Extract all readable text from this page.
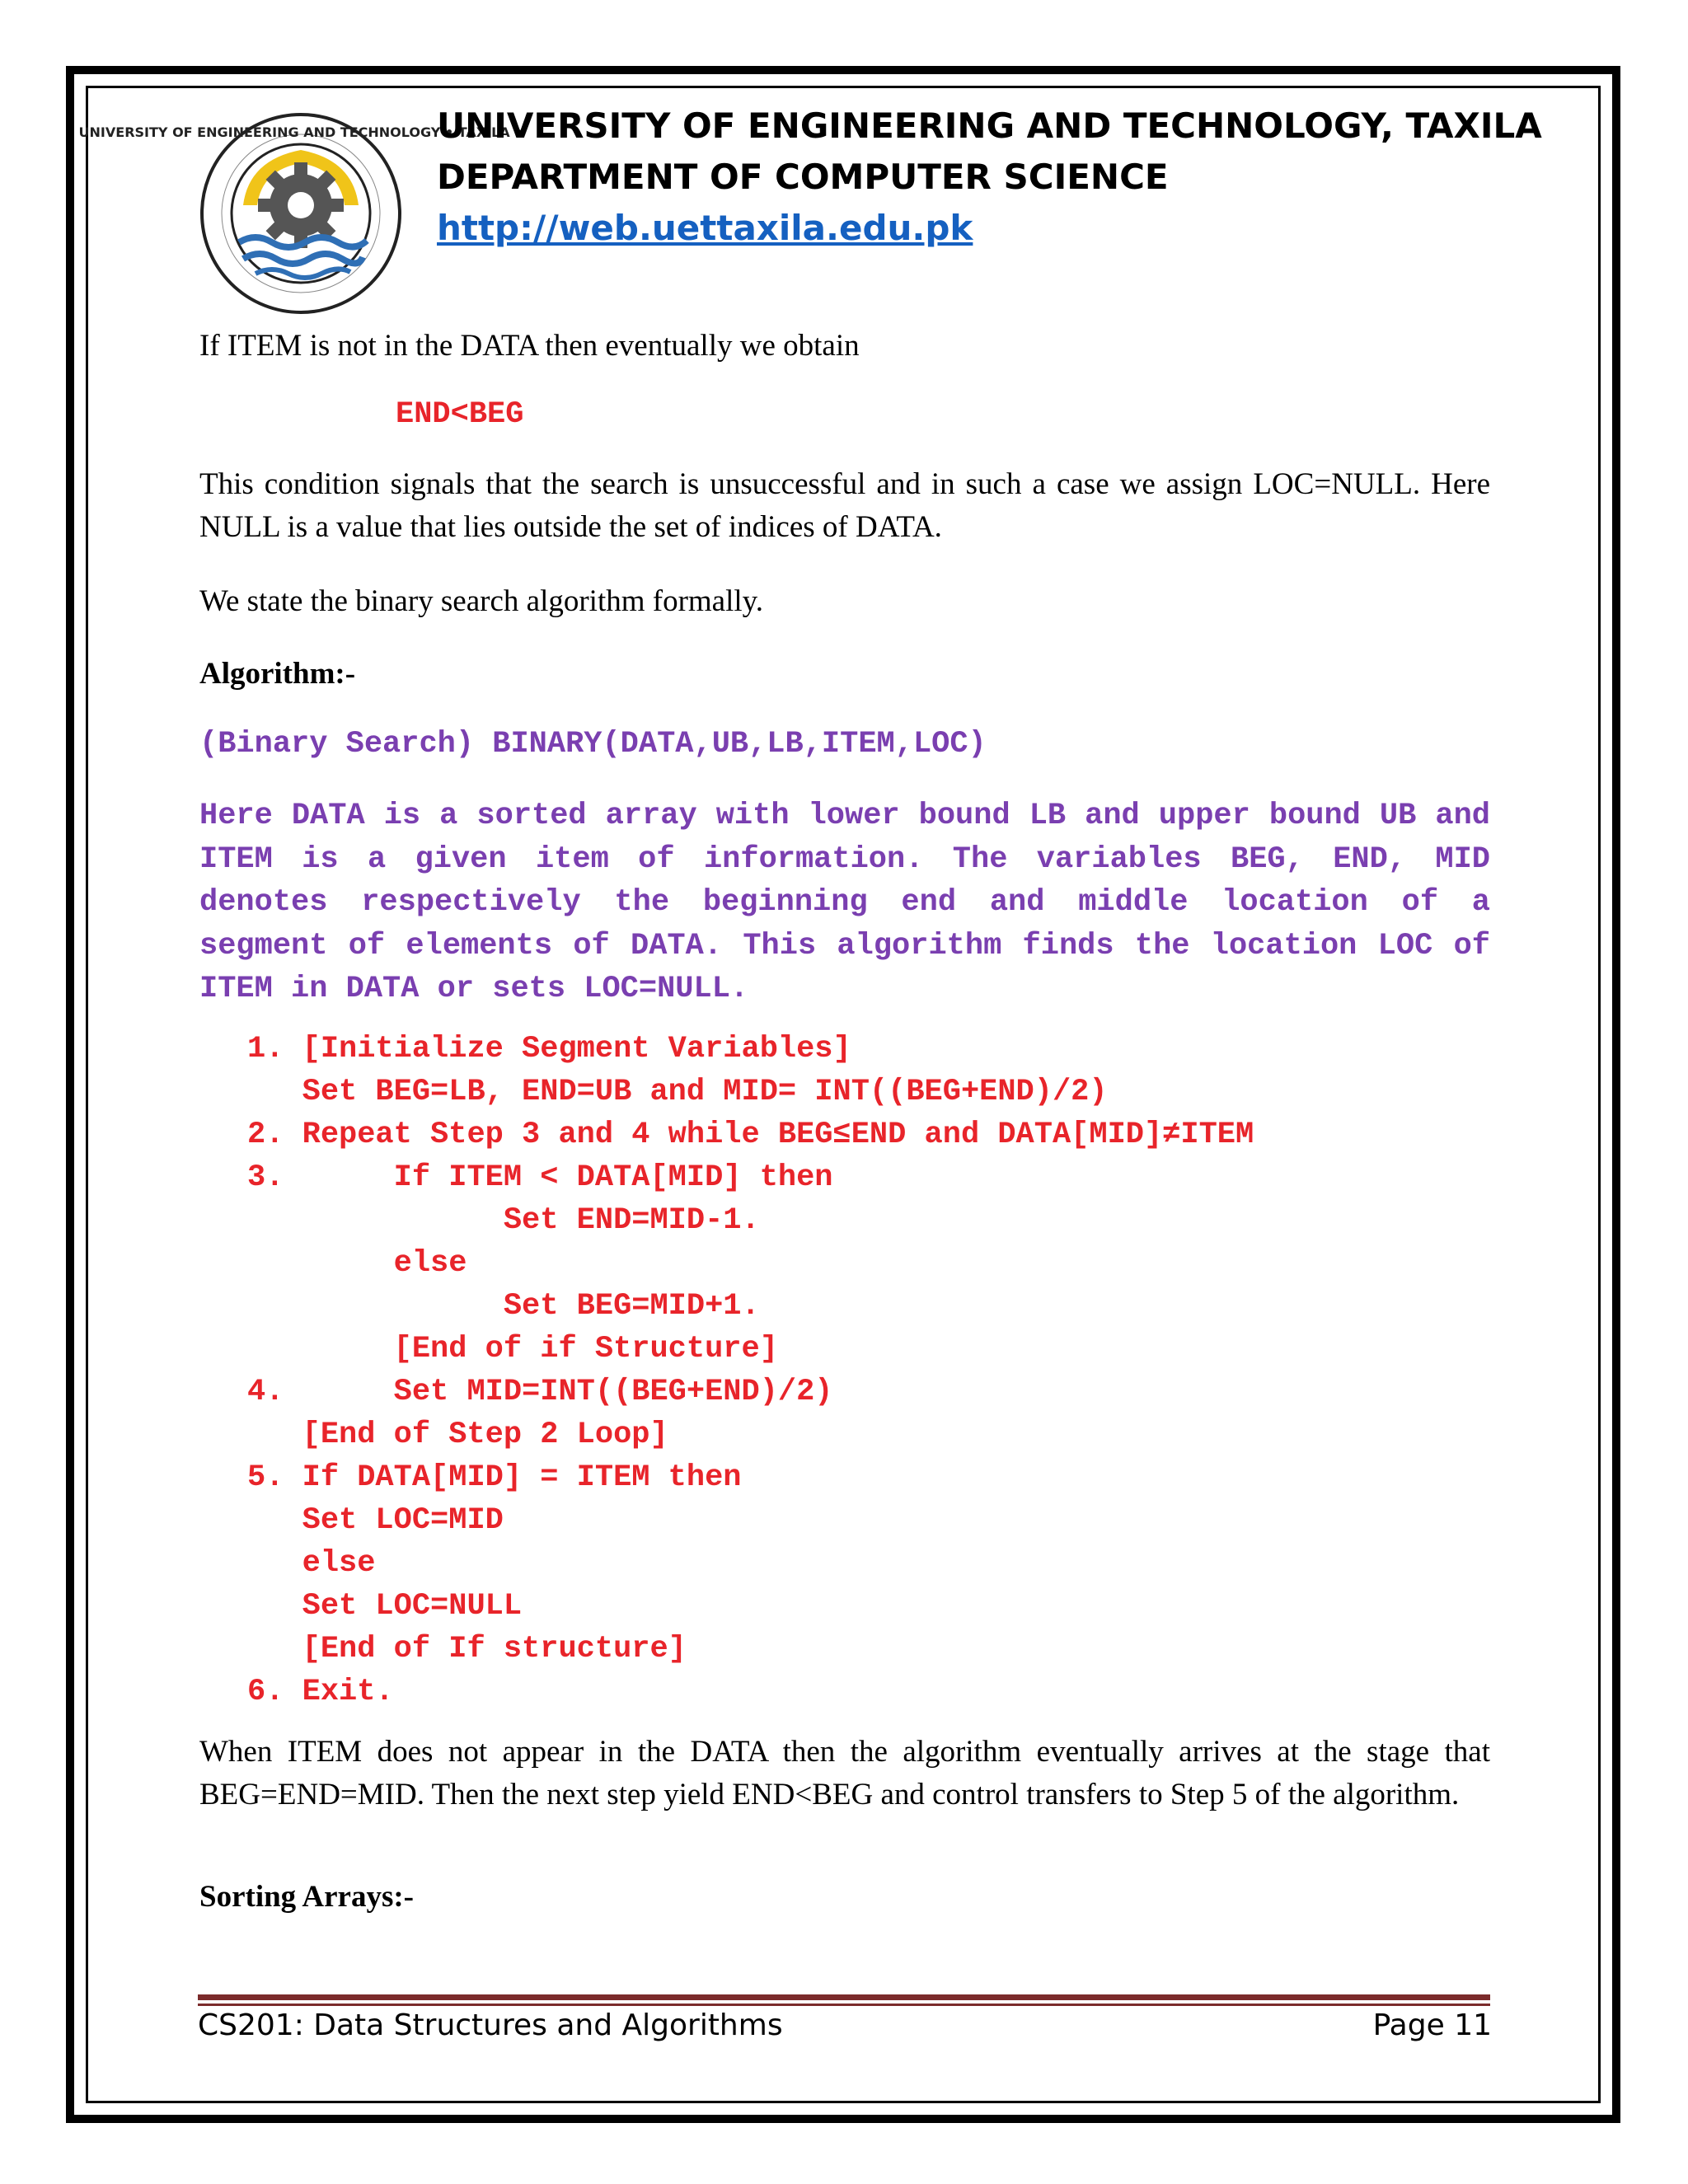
UNIVERSITY OF ENGINEERING AND TECHNOLOGY • TAXILA •
UNIVERSITY OF ENGINEERING AND TECHNOLOGY, TAXILA
DEPARTMENT OF COMPUTER SCIENCE
http://web.uettaxila.edu.pk
If ITEM is not in the DATA then eventually we obtain
END<BEG

This condition signals that the search is unsuccessful and in such a case we assign LOC=NULL. Here NULL is a value that lies outside the set of indices of DATA.

We state the binary search algorithm formally.
Algorithm:-
(Binary Search) BINARY(DATA,UB,LB,ITEM,LOC)

Here DATA is a sorted array with lower bound LB and upper bound UB and ITEM is a given item of information. The variables BEG, END, MID denotes respectively the beginning end and middle location of a segment of elements of DATA. This algorithm finds the location LOC of ITEM in DATA or sets LOC=NULL.

1. [Initialize Segment Variables]
Set BEG=LB, END=UB and MID= INT((BEG+END)/2)
2. Repeat Step 3 and 4 while BEG≤END and DATA[MID]≠ITEM
3.      If ITEM < DATA[MID] then
Set END=MID-1.
else
Set BEG=MID+1.
[End of if Structure]
4.      Set MID=INT((BEG+END)/2)
[End of Step 2 Loop]
5. If DATA[MID] = ITEM then
Set LOC=MID
else
Set LOC=NULL
[End of If structure]
6. Exit.

When ITEM does not appear in the DATA then the algorithm eventually arrives at the stage that BEG=END=MID. Then the next step yield END<BEG and control transfers to Step 5 of the algorithm.

Sorting Arrays:-
CS201: Data Structures and Algorithms	Page 11
